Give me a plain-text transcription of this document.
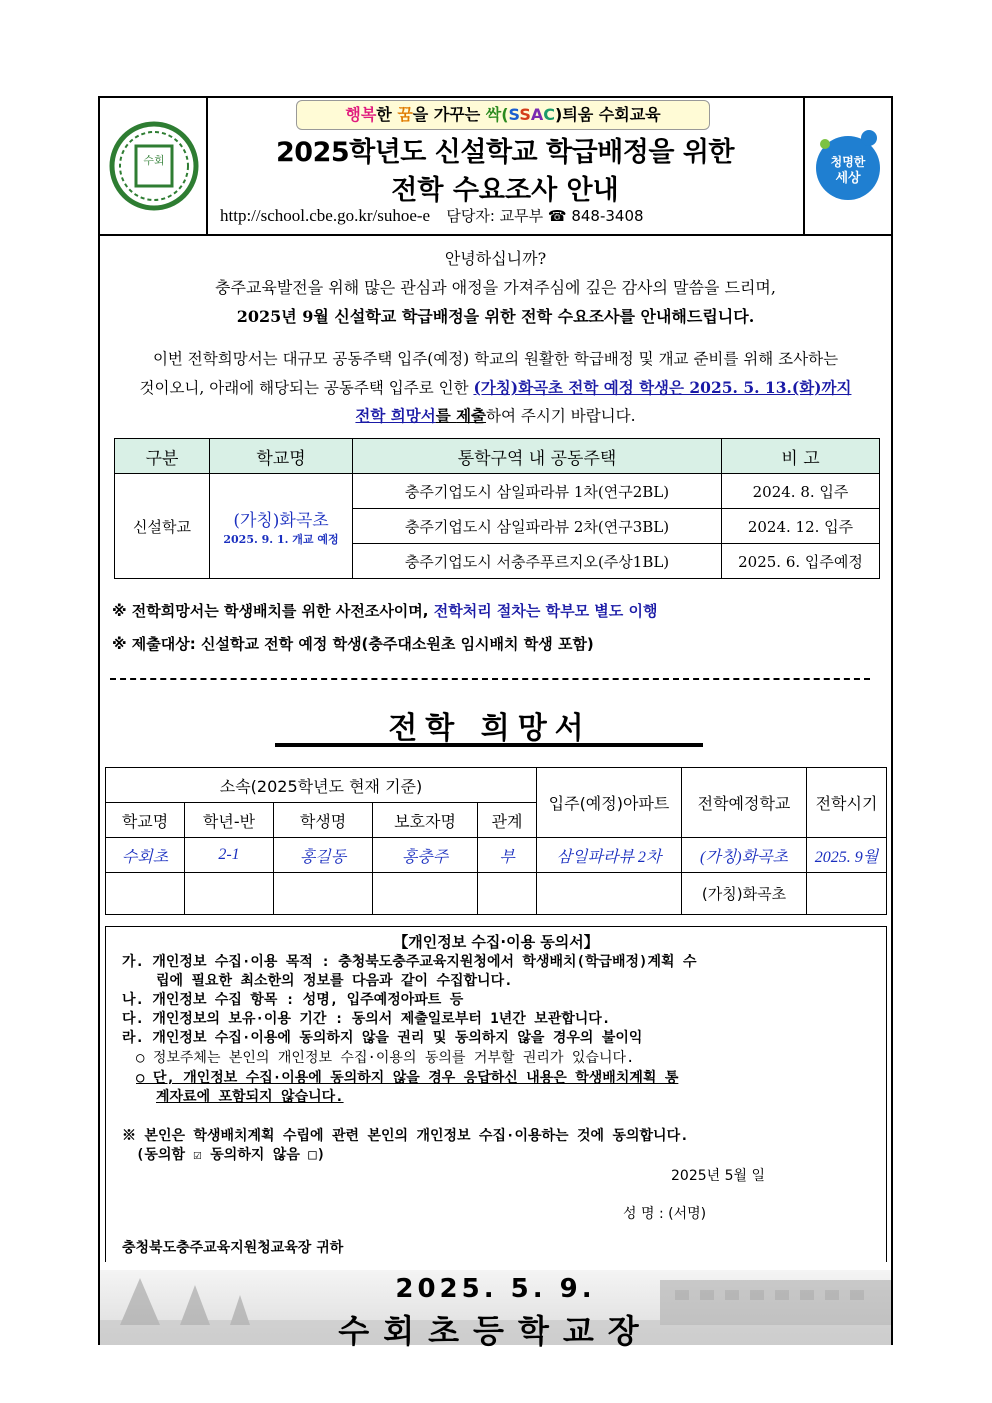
수회
행복한 꿈을 가꾸는 싹(SSAC)틔움 수회교육
2025학년도 신설학교 학급배정을 위한
전학 수요조사 안내
http://school.cbe.go.kr/suhoe-e 담당자: 교무부 ☎ 848-3408
청명한
세상

안녕하십니까?

충주교육발전을 위해 많은 관심과 애정을 가져주심에 깊은 감사의 말씀을 드리며,

2025년 9월 신설학교 학급배정을 위한 전학 수요조사를 안내해드립니다.

이번 전학희망서는 대규모 공동주택 입주(예정) 학교의 원활한 학급배정 및 개교 준비를 위해 조사하는

것이오니, 아래에 해당되는 공동주택 입주로 인한 (가칭)화곡초 전학 예정 학생은 2025. 5. 13.(화)까지

전학 희망서를 제출하여 주시기 바랍니다.

구분	학교명	통학구역 내 공동주택	비 고
신설학교	(가칭)화곡초
2025. 9. 1. 개교 예정	충주기업도시 삼일파라뷰 1차(연구2BL)	2024. 8. 입주
		충주기업도시 삼일파라뷰 2차(연구3BL)	2024. 12. 입주
		충주기업도시 서충주푸르지오(주상1BL)	2025. 6. 입주예정
※ 전학희망서는 학생배치를 위한 사전조사이며, 전학처리 절차는 학부모 별도 이행
※ 제출대상: 신설학교 전학 예정 학생(충주대소원초 임시배치 학생 포함)
전학 희망서
소속(2025학년도 현재 기준)					입주(예정)아파트	전학예정학교	전학시기
학교명	학년-반	학생명	보호자명	관계			
수회초	2-1	홍길동	홍충주	부	삼일파라뷰 2차	(가칭)화곡초	2025. 9월
						(가칭)화곡초	
【개인정보 수집·이용 동의서】
가. 개인정보 수집·이용 목적 : 충청북도충주교육지원청에서 학생배치(학급배정)계획 수
립에 필요한 최소한의 정보를 다음과 같이 수집합니다.
나. 개인정보 수집 항목 : 성명, 입주예정아파트 등
다. 개인정보의 보유·이용 기간 : 동의서 제출일로부터 1년간 보관합니다.
라. 개인정보 수집·이용에 동의하지 않을 권리 및 동의하지 않을 경우의 불이익
○ 정보주체는 본인의 개인정보 수집·이용의 동의를 거부할 권리가 있습니다.
○ 단, 개인정보 수집·이용에 동의하지 않을 경우 응답하신 내용은 학생배치계획 통
계자료에 포함되지 않습니다.
※ 본인은 학생배치계획 수립에 관련 본인의 개인정보 수집·이용하는 것에 동의합니다.
(동의함 ☑ 동의하지 않음 □)
2025년 5월 일
성 명 : (서명)
충청북도충주교육지원청교육장 귀하
2025. 5. 9.
수회초등학교장
